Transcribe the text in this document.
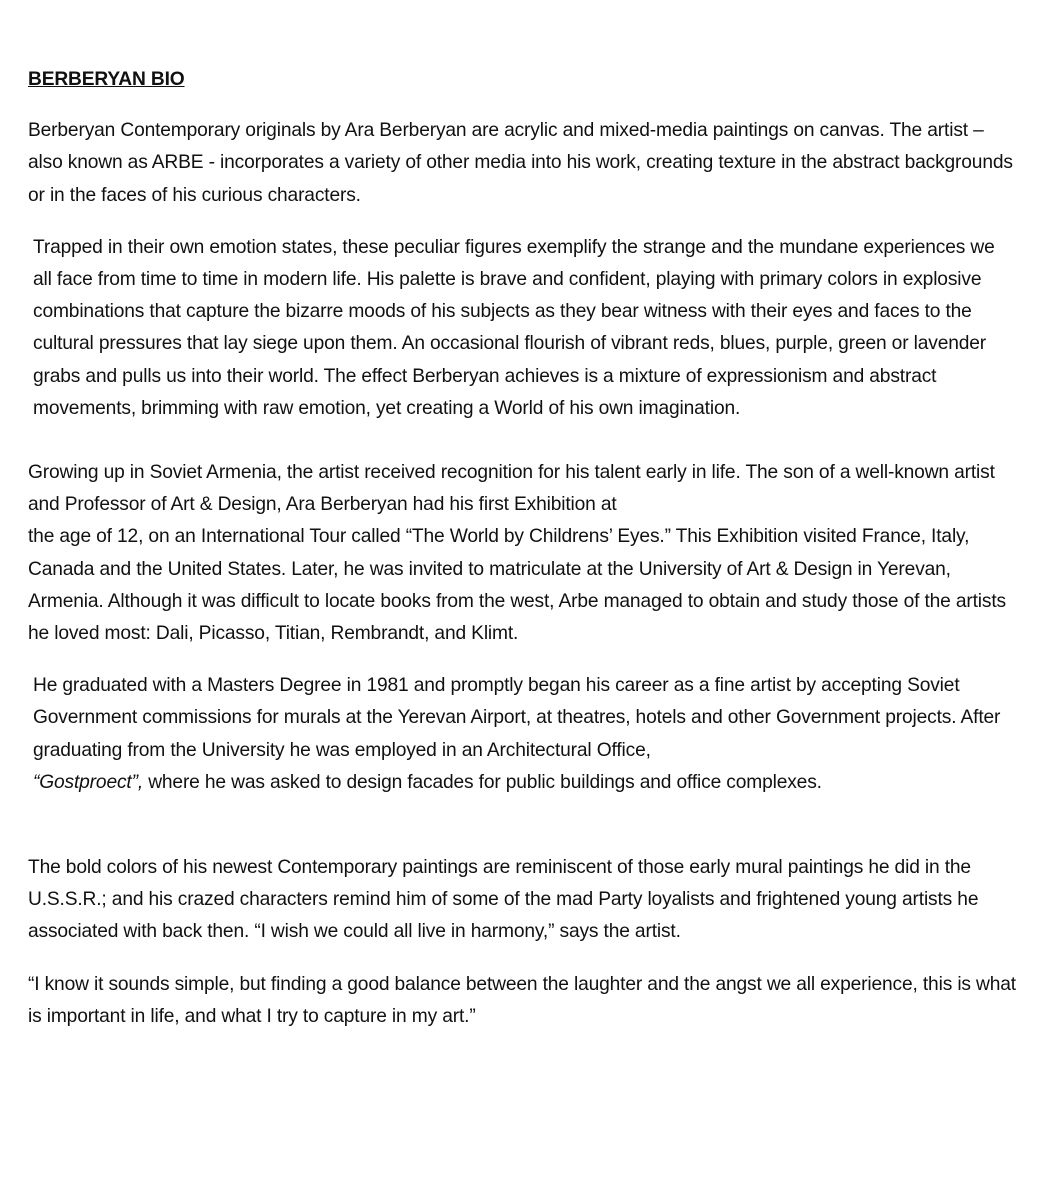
BERBERYAN BIO

Berberyan Contemporary originals by Ara Berberyan are acrylic and mixed-media paintings on canvas. The artist – also known as ARBE - incorporates a variety of other media into his work, creating texture in the abstract backgrounds or in the faces of his curious characters.

Trapped in their own emotion states, these peculiar figures exemplify the strange and the mundane experiences we all face from time to time in modern life. His palette is brave and confident, playing with primary colors in explosive combinations that capture the bizarre moods of his subjects as they bear witness with their eyes and faces to the cultural pressures that lay siege upon them. An occasional flourish of vibrant reds, blues, purple, green or lavender grabs and pulls us into their world. The effect Berberyan achieves is a mixture of expressionism and abstract movements, brimming with raw emotion, yet creating a World of his own imagination.

Growing up in Soviet Armenia, the artist received recognition for his talent early in life. The son of a well-known artist and Professor of Art & Design, Ara Berberyan had his first Exhibition at
the age of 12, on an International Tour called “The World by Childrens’ Eyes.” This Exhibition visited France, Italy, Canada and the United States. Later, he was invited to matriculate at the University of Art & Design in Yerevan, Armenia. Although it was difficult to locate books from the west, Arbe managed to obtain and study those of the artists he loved most: Dali, Picasso, Titian, Rembrandt, and Klimt.

He graduated with a Masters Degree in 1981 and promptly began his career as a fine artist by accepting Soviet Government commissions for murals at the Yerevan Airport, at theatres, hotels and other Government projects. After graduating from the University he was employed in an Architectural Office,
“Gostproect”, where he was asked to design facades for public buildings and office complexes.

The bold colors of his newest Contemporary paintings are reminiscent of those early mural paintings he did in the U.S.S.R.; and his crazed characters remind him of some of the mad Party loyalists and frightened young artists he associated with back then. “I wish we could all live in harmony,” says the artist.

“I know it sounds simple, but finding a good balance between the laughter and the angst we all experience, this is what is important in life, and what I try to capture in my art.”
